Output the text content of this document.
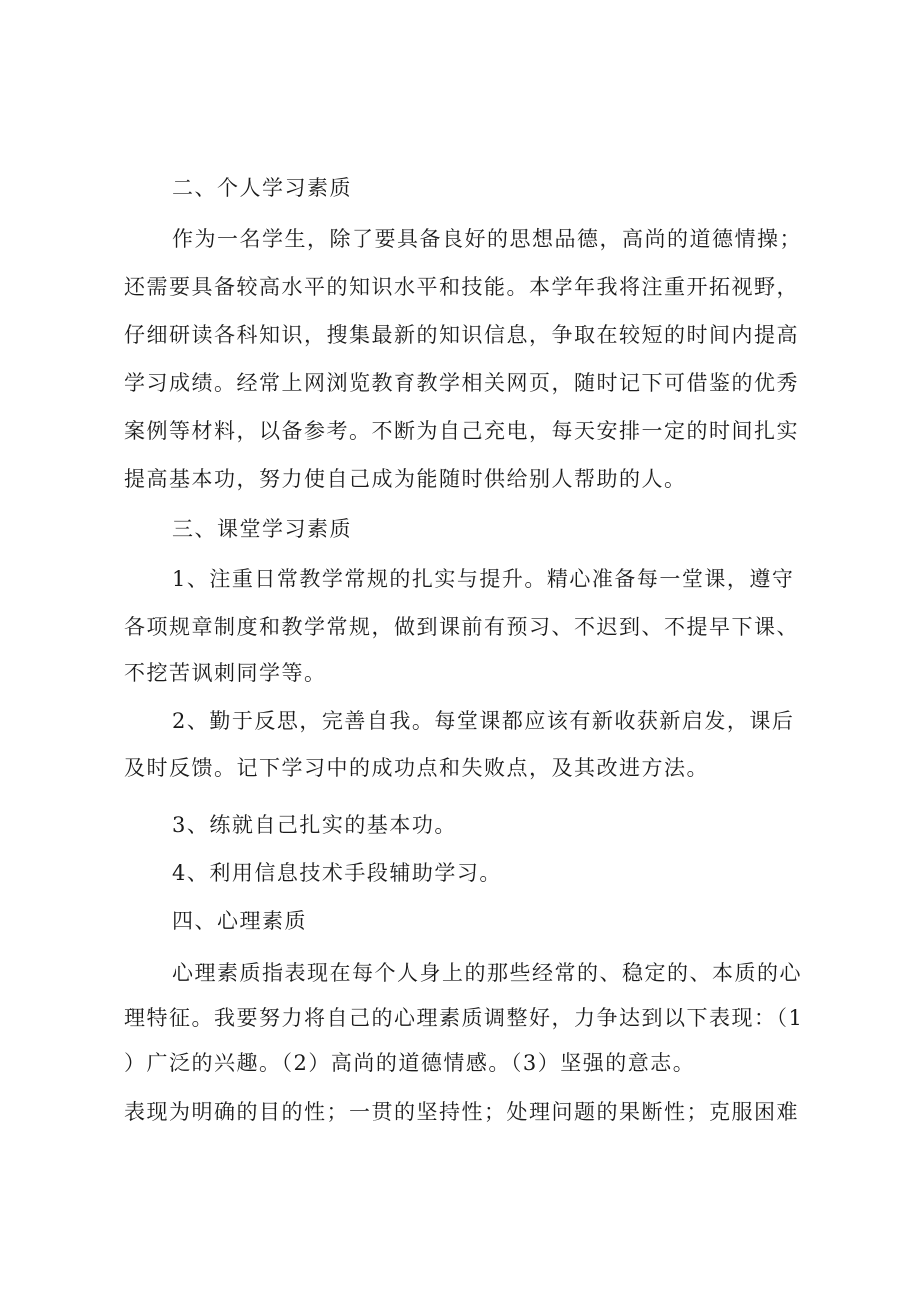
二、个人学习素质
作为一名学生，除了要具备良好的思想品德，高尚的道德情操；
还需要具备较高水平的知识水平和技能。本学年我将注重开拓视野，
仔细研读各科知识，搜集最新的知识信息，争取在较短的时间内提高
学习成绩。经常上网浏览教育教学相关网页，随时记下可借鉴的优秀
案例等材料，以备参考。不断为自己充电，每天安排一定的时间扎实
提高基本功，努力使自己成为能随时供给别人帮助的人。
三、课堂学习素质
1、注重日常教学常规的扎实与提升。精心准备每一堂课，遵守
各项规章制度和教学常规，做到课前有预习、不迟到、不提早下课、
不挖苦讽刺同学等。
2、勤于反思，完善自我。每堂课都应该有新收获新启发，课后
及时反馈。记下学习中的成功点和失败点，及其改进方法。
3、练就自己扎实的基本功。
4、利用信息技术手段辅助学习。
四、心理素质
心理素质指表现在每个人身上的那些经常的、稳定的、本质的心
理特征。我要努力将自己的心理素质调整好，力争达到以下表现：（1
）广泛的兴趣。（2）高尚的道德情感。（3）坚强的意志。
表现为明确的目的性；一贯的坚持性；处理问题的果断性；克服困难
